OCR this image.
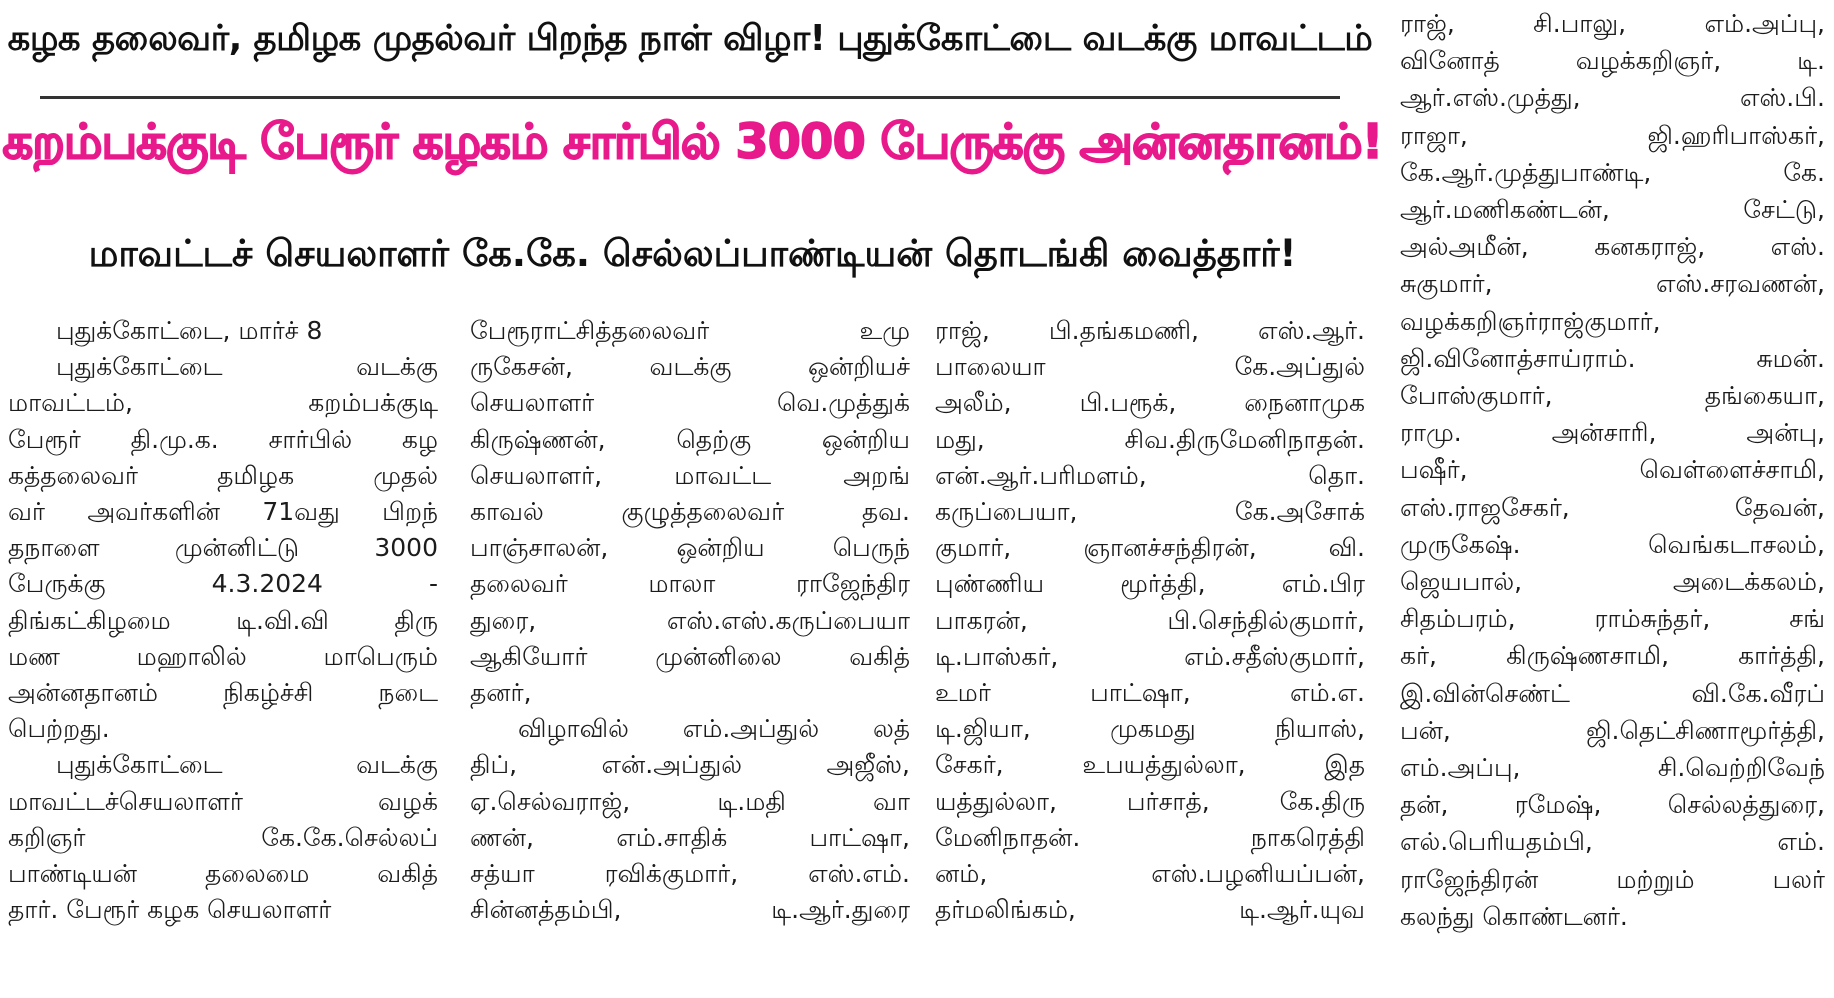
கழக தலைவர், தமிழக முதல்வர் பிறந்த நாள் விழா! புதுக்கோட்டை வடக்கு மாவட்டம்
கறம்பக்குடி பேரூர் கழகம் சார்பில் 3000 பேருக்கு அன்னதானம்!
மாவட்டச் செயலாளர் கே.கே. செல்லப்பாண்டியன் தொடங்கி வைத்தார்!
புதுக்கோட்டை, மார்ச் 8
புதுக்கோட்டை வடக்கு
மாவட்டம், கறம்பக்குடி
பேரூர் தி.மு.க. சார்பில் கழ
கத்தலைவர் தமிழக முதல்
வர் அவர்களின் 71வது பிறந்
தநாளை முன்னிட்டு 3000
பேருக்கு 4.3.2024 -
திங்கட்கிழமை டி.வி.வி திரு
மண மஹாலில் மாபெரும்
அன்னதானம் நிகழ்ச்சி நடை
பெற்றது.
புதுக்கோட்டை வடக்கு
மாவட்டச்செயலாளர் வழக்
கறிஞர் கே.கே.செல்லப்
பாண்டியன் தலைமை வகித்
தார். பேரூர் கழக செயலாளர்
பேரூராட்சித்தலைவர் உமு
ருகேசன், வடக்கு ஒன்றியச்
செயலாளர் வெ.முத்துக்
கிருஷ்ணன், தெற்கு ஒன்றிய
செயலாளர், மாவட்ட அறங்
காவல் குழுத்தலைவர் தவ.
பாஞ்சாலன், ஒன்றிய பெருந்
தலைவர் மாலா ராஜேந்திர
துரை, எஸ்.எஸ்.கருப்பையா
ஆகியோர் முன்னிலை வகித்
தனர்,
விழாவில் எம்.அப்துல் லத்
திப், என்.அப்துல் அஜீஸ்,
ஏ.செல்வராஜ், டி.மதி வா
ணன், எம்.சாதிக் பாட்ஷா,
சத்யா ரவிக்குமார், எஸ்.எம்.
சின்னத்தம்பி, டி.ஆர்.துரை
ராஜ், பி.தங்கமணி, எஸ்.ஆர்.
பாலையா கே.அப்துல்
அலீம், பி.பரூக், நைனாமுக
மது, சிவ.திருமேனிநாதன்.
என்.ஆர்.பரிமளம், தொ.
கருப்பையா, கே.அசோக்
குமார், ஞானச்சந்திரன், வி.
புண்ணிய மூர்த்தி, எம்.பிர
பாகரன், பி.செந்தில்குமார்,
டி.பாஸ்கர், எம்.சதீஸ்குமார்,
உமர் பாட்ஷா, எம்.எ.
டி.ஜியா, முகமது நியாஸ்,
சேகர், உபயத்துல்லா, இத
யத்துல்லா, பர்சாத், கே.திரு
மேனிநாதன். நாகரெத்தி
னம், எஸ்.பழனியப்பன்,
தர்மலிங்கம், டி.ஆர்.யுவ
ராஜ், சி.பாலு, எம்.அப்பு,
வினோத் வழக்கறிஞர், டி.
ஆர்.எஸ்.முத்து, எஸ்.பி.
ராஜா, ஜி.ஹரிபாஸ்கர்,
கே.ஆர்.முத்துபாண்டி, கே.
ஆர்.மணிகண்டன், சேட்டு,
அல்அமீன், கனகராஜ், எஸ்.
சுகுமார், எஸ்.சரவணன்,
வழக்கறிஞர்ராஜ்குமார்,
ஜி.வினோத்சாய்ராம். சுமன்.
போஸ்குமார், தங்கையா,
ராமு. அன்சாரி, அன்பு,
பஷீர், வெள்ளைச்சாமி,
எஸ்.ராஜசேகர், தேவன்,
முருகேஷ். வெங்கடாசலம்,
ஜெயபால், அடைக்கலம்,
சிதம்பரம், ராம்சுந்தர், சங்
கர், கிருஷ்ணசாமி, கார்த்தி,
இ.வின்செண்ட் வி.கே.வீரப்
பன், ஜி.தெட்சிணாமூர்த்தி,
எம்.அப்பு, சி.வெற்றிவேந்
தன், ரமேஷ், செல்லத்துரை,
எல்.பெரியதம்பி, எம்.
ராஜேந்திரன் மற்றும் பலர்
கலந்து கொண்டனர்.
